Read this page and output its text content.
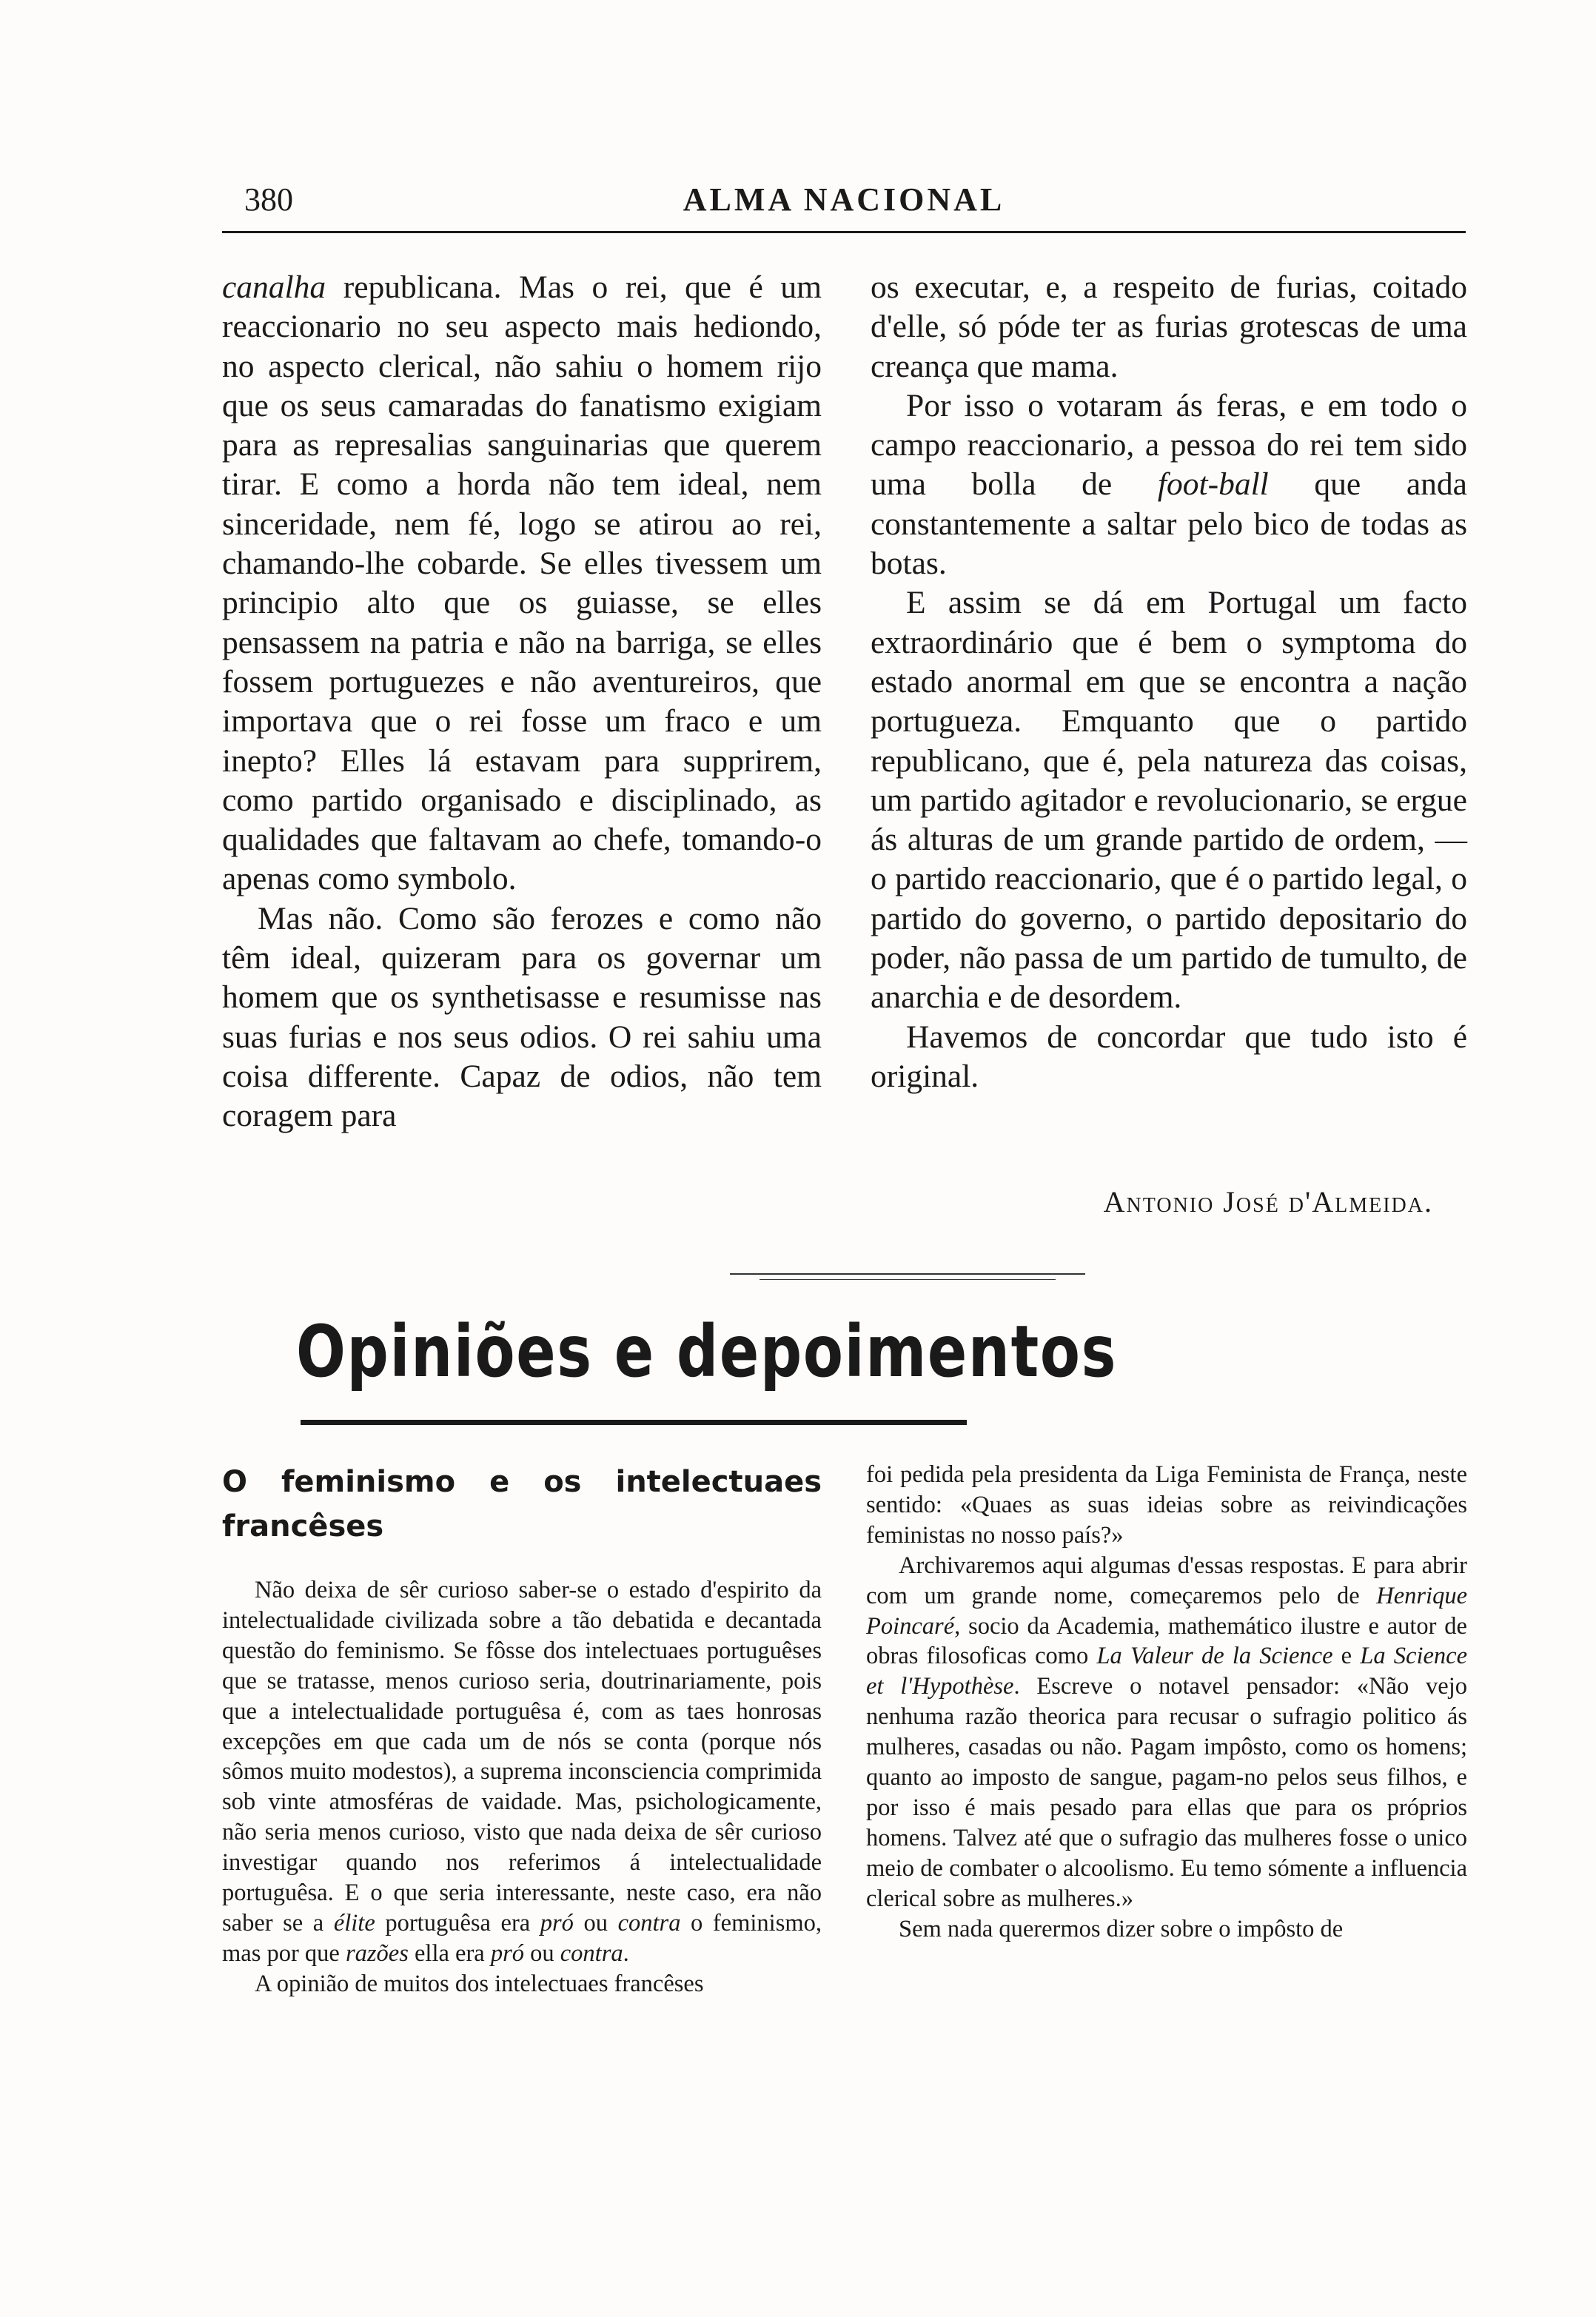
380	ALMA NACIONAL

canalha republicana. Mas o rei, que é um reaccionario no seu aspecto mais hediondo, no aspecto clerical, não sahiu o homem rijo que os seus camaradas do fanatismo exigiam para as represalias sanguinarias que querem tirar. E como a horda não tem ideal, nem sinceridade, nem fé, logo se atirou ao rei, chamando-lhe cobarde. Se elles tivessem um principio alto que os guiasse, se elles pensassem na patria e não na barriga, se elles fossem portuguezes e não aventureiros, que importava que o rei fosse um fraco e um inepto? Elles lá estavam para supprirem, como partido organisado e disciplinado, as qualidades que faltavam ao chefe, tomando-o apenas como symbolo.

Mas não. Como são ferozes e como não têm ideal, quizeram para os governar um homem que os synthetisasse e resumisse nas suas furias e nos seus odios. O rei sahiu uma coisa differente. Capaz de odios, não tem coragem para

os executar, e, a respeito de furias, coitado d'elle, só póde ter as furias grotescas de uma creança que mama.

Por isso o votaram ás feras, e em todo o campo reaccionario, a pessoa do rei tem sido uma bolla de foot-ball que anda constantemente a saltar pelo bico de todas as botas.

E assim se dá em Portugal um facto extraordinário que é bem o symptoma do estado anormal em que se encontra a nação portugueza. Emquanto que o partido republicano, que é, pela natureza das coisas, um partido agitador e revolucionario, se ergue ás alturas de um grande partido de ordem, — o partido reaccionario, que é o partido legal, o partido do governo, o partido depositario do poder, não passa de um partido de tumulto, de anarchia e de desordem.

Havemos de concordar que tudo isto é original.

Antonio José d'Almeida.
Opiniões e depoimentos
O feminismo e os intelectuaes francêses

Não deixa de sêr curioso saber-se o estado d'espirito da intelectualidade civilizada sobre a tão debatida e decantada questão do feminismo. Se fôsse dos intelectuaes portuguêses que se tratasse, menos curioso seria, doutrinariamente, pois que a intelectualidade portuguêsa é, com as taes honrosas excepções em que cada um de nós se conta (porque nós sômos muito modestos), a suprema inconsciencia comprimida sob vinte atmosféras de vaidade. Mas, psichologicamente, não seria menos curioso, visto que nada deixa de sêr curioso investigar quando nos referimos á intelectualidade portuguêsa. E o que seria interessante, neste caso, era não saber se a élite portuguêsa era pró ou contra o feminismo, mas por que razões ella era pró ou contra.

A opinião de muitos dos intelectuaes francêses

foi pedida pela presidenta da Liga Feminista de França, neste sentido: «Quaes as suas ideias sobre as reivindicações feministas no nosso país?»

Archivaremos aqui algumas d'essas respostas. E para abrir com um grande nome, começaremos pelo de Henrique Poincaré, socio da Academia, mathemático ilustre e autor de obras filosoficas como La Valeur de la Science e La Science et l'Hypothèse. Escreve o notavel pensador: «Não vejo nenhuma razão theorica para recusar o sufragio politico ás mulheres, casadas ou não. Pagam impôsto, como os homens; quanto ao imposto de sangue, pagam-no pelos seus filhos, e por isso é mais pesado para ellas que para os próprios homens. Talvez até que o sufragio das mulheres fosse o unico meio de combater o alcoolismo. Eu temo sómente a influencia clerical sobre as mulheres.»

Sem nada querermos dizer sobre o impôsto de
